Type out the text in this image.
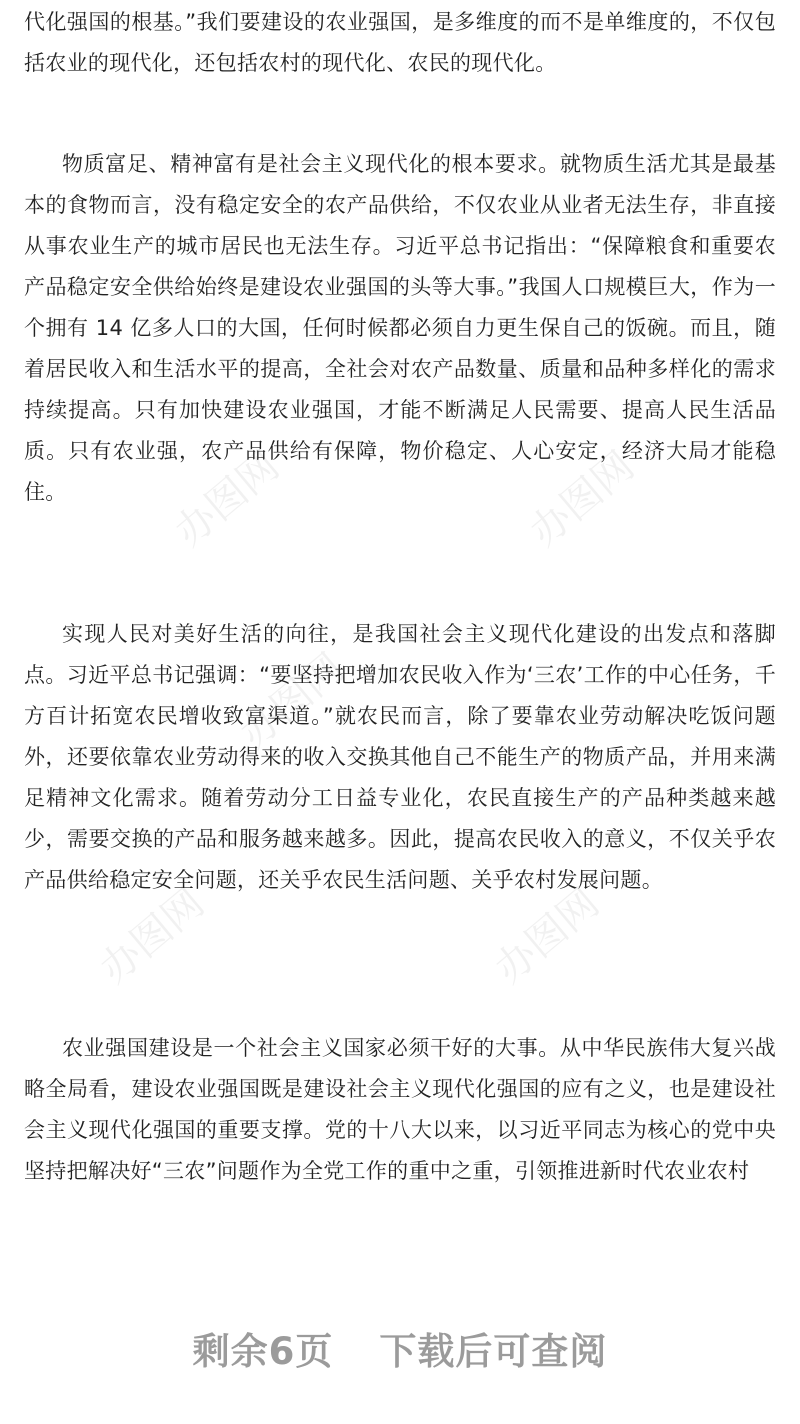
办图网	办图网
办图网
办图网
办图网

代化强国的根基。”我们要建设的农业强国，是多维度的而不是单维度的，不仅包括农业的现代化，还包括农村的现代化、农民的现代化。

物质富足、精神富有是社会主义现代化的根本要求。就物质生活尤其是最基本的食物而言，没有稳定安全的农产品供给，不仅农业从业者无法生存，非直接从事农业生产的城市居民也无法生存。习近平总书记指出：“保障粮食和重要农产品稳定安全供给始终是建设农业强国的头等大事。”我国人口规模巨大，作为一个拥有 14 亿多人口的大国，任何时候都必须自力更生保自己的饭碗。而且，随着居民收入和生活水平的提高，全社会对农产品数量、质量和品种多样化的需求持续提高。只有加快建设农业强国，才能不断满足人民需要、提高人民生活品质。只有农业强，农产品供给有保障，物价稳定、人心安定，经济大局才能稳住。

实现人民对美好生活的向往，是我国社会主义现代化建设的出发点和落脚点。习近平总书记强调：“要坚持把增加农民收入作为‘三农’工作的中心任务，千方百计拓宽农民增收致富渠道。”就农民而言，除了要靠农业劳动解决吃饭问题外，还要依靠农业劳动得来的收入交换其他自己不能生产的物质产品，并用来满足精神文化需求。随着劳动分工日益专业化，农民直接生产的产品种类越来越少，需要交换的产品和服务越来越多。因此，提高农民收入的意义，不仅关乎农产品供给稳定安全问题，还关乎农民生活问题、关乎农村发展问题。

农业强国建设是一个社会主义国家必须干好的大事。从中华民族伟大复兴战略全局看，建设农业强国既是建设社会主义现代化强国的应有之义，也是建设社会主义现代化强国的重要支撑。党的十八大以来，以习近平同志为核心的党中央坚持把解决好“三农”问题作为全党工作的重中之重，引领推进新时代农业农村

剩余6页 下载后可查阅
